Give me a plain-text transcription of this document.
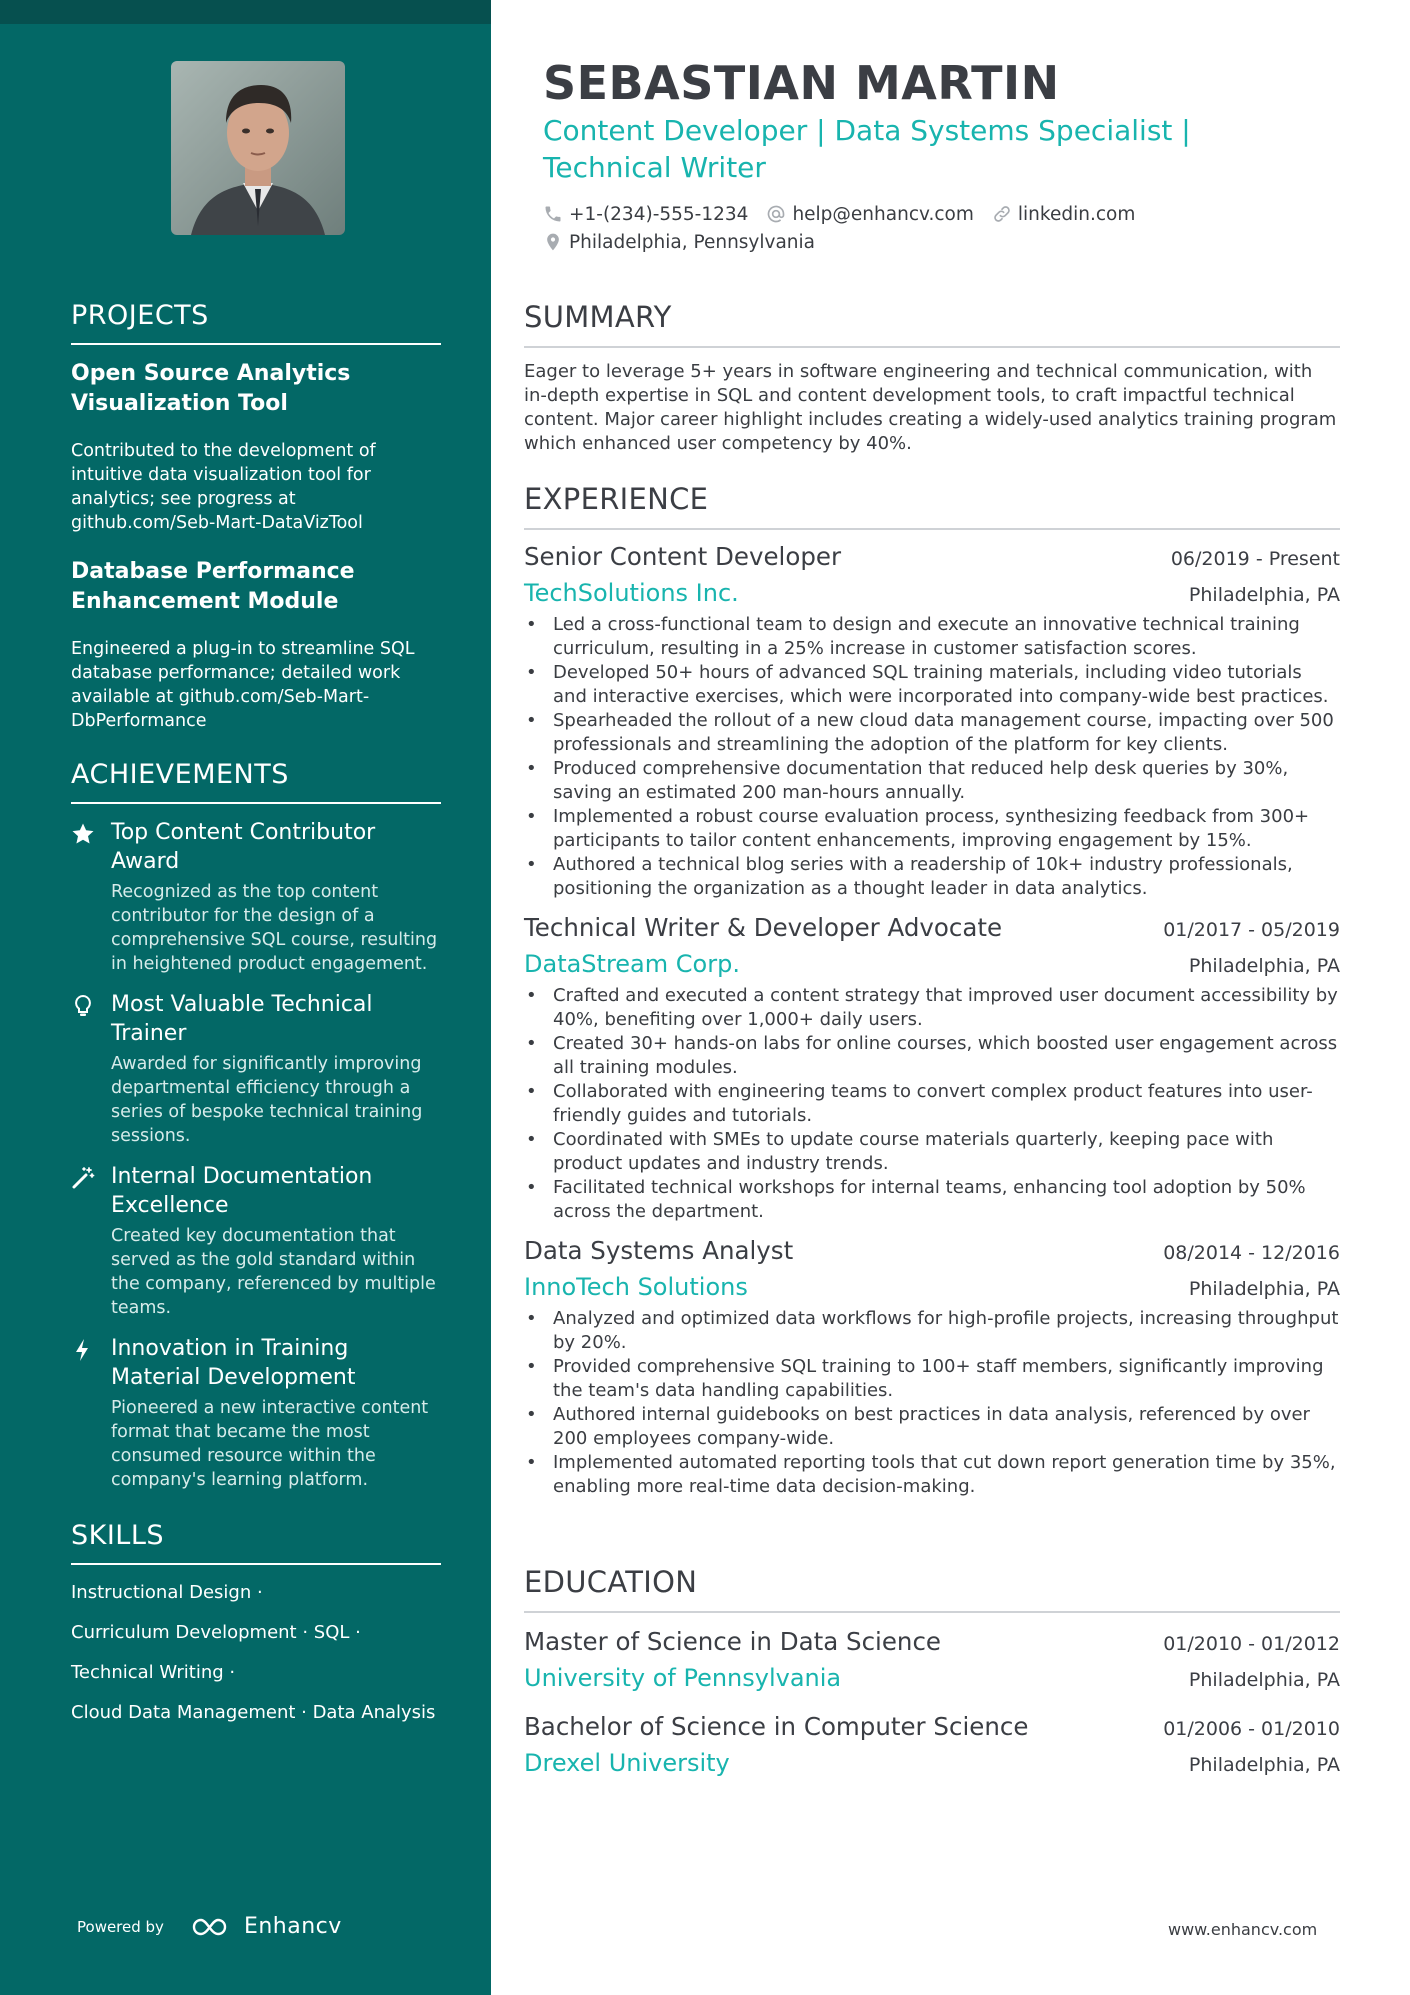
PROJECTS
Open Source Analytics Visualization Tool
Contributed to the development of intuitive data visualization tool for analytics; see progress at github.com/Seb-Mart-DataVizTool
Database Performance Enhancement Module
Engineered a plug-in to streamline SQL database performance; detailed work available at github.com/Seb-Mart-DbPerformance
ACHIEVEMENTS
Top Content Contributor Award
Recognized as the top content contributor for the design of a comprehensive SQL course, resulting in heightened product engagement.
Most Valuable Technical Trainer
Awarded for significantly improving departmental efficiency through a series of bespoke technical training sessions.
Internal Documentation Excellence
Created key documentation that served as the gold standard within the company, referenced by multiple teams.
Innovation in Training Material Development
Pioneered a new interactive content format that became the most consumed resource within the company's learning platform.
SKILLS
Instructional Design ·
Curriculum Development · SQL ·
Technical Writing ·
Cloud Data Management · Data Analysis
Powered by	Enhancv
SEBASTIAN MARTIN
Content Developer | Data Systems Specialist | Technical Writer
+1-(234)-555-1234 help@enhancv.com linkedin.com
Philadelphia, Pennsylvania
SUMMARY
Eager to leverage 5+ years in software engineering and technical communication, with in-depth expertise in SQL and content development tools, to craft impactful technical content. Major career highlight includes creating a widely-used analytics training program which enhanced user competency by 40%.
EXPERIENCE
Senior Content Developer	06/2019 - Present
TechSolutions Inc.	Philadelphia, PA
• Led a cross-functional team to design and execute an innovative technical training curriculum, resulting in a 25% increase in customer satisfaction scores.
• Developed 50+ hours of advanced SQL training materials, including video tutorials and interactive exercises, which were incorporated into company-wide best practices.
• Spearheaded the rollout of a new cloud data management course, impacting over 500 professionals and streamlining the adoption of the platform for key clients.
• Produced comprehensive documentation that reduced help desk queries by 30%, saving an estimated 200 man-hours annually.
• Implemented a robust course evaluation process, synthesizing feedback from 300+ participants to tailor content enhancements, improving engagement by 15%.
• Authored a technical blog series with a readership of 10k+ industry professionals, positioning the organization as a thought leader in data analytics.
Technical Writer & Developer Advocate	01/2017 - 05/2019
DataStream Corp.	Philadelphia, PA
• Crafted and executed a content strategy that improved user document accessibility by 40%, benefiting over 1,000+ daily users.
• Created 30+ hands-on labs for online courses, which boosted user engagement across all training modules.
• Collaborated with engineering teams to convert complex product features into user-friendly guides and tutorials.
• Coordinated with SMEs to update course materials quarterly, keeping pace with product updates and industry trends.
• Facilitated technical workshops for internal teams, enhancing tool adoption by 50% across the department.
Data Systems Analyst	08/2014 - 12/2016
InnoTech Solutions	Philadelphia, PA
• Analyzed and optimized data workflows for high-profile projects, increasing throughput by 20%.
• Provided comprehensive SQL training to 100+ staff members, significantly improving the team's data handling capabilities.
• Authored internal guidebooks on best practices in data analysis, referenced by over 200 employees company-wide.
• Implemented automated reporting tools that cut down report generation time by 35%, enabling more real-time data decision-making.
EDUCATION
Master of Science in Data Science	01/2010 - 01/2012
University of Pennsylvania	Philadelphia, PA
Bachelor of Science in Computer Science	01/2006 - 01/2010
Drexel University	Philadelphia, PA
www.enhancv.com
